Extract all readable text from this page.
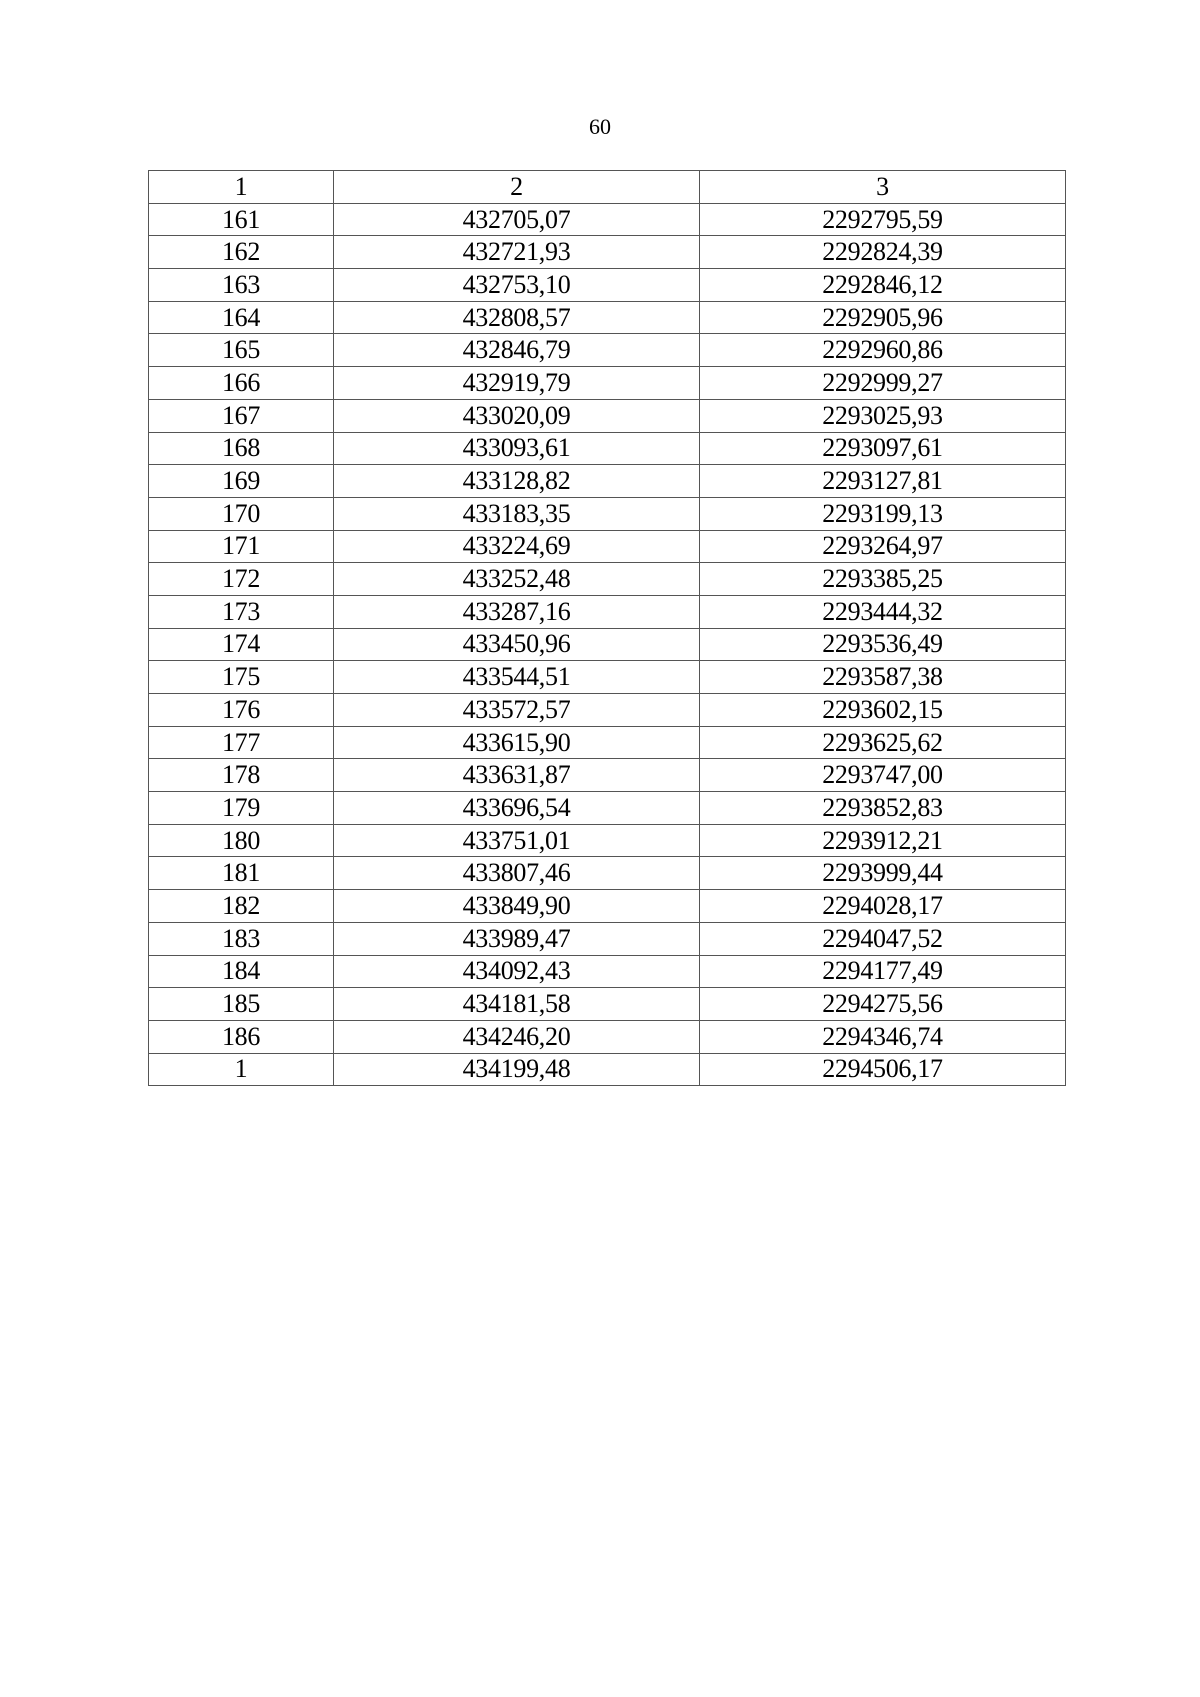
60
1	2	3
161	432705,07	2292795,59
162	432721,93	2292824,39
163	432753,10	2292846,12
164	432808,57	2292905,96
165	432846,79	2292960,86
166	432919,79	2292999,27
167	433020,09	2293025,93
168	433093,61	2293097,61
169	433128,82	2293127,81
170	433183,35	2293199,13
171	433224,69	2293264,97
172	433252,48	2293385,25
173	433287,16	2293444,32
174	433450,96	2293536,49
175	433544,51	2293587,38
176	433572,57	2293602,15
177	433615,90	2293625,62
178	433631,87	2293747,00
179	433696,54	2293852,83
180	433751,01	2293912,21
181	433807,46	2293999,44
182	433849,90	2294028,17
183	433989,47	2294047,52
184	434092,43	2294177,49
185	434181,58	2294275,56
186	434246,20	2294346,74
1	434199,48	2294506,17
